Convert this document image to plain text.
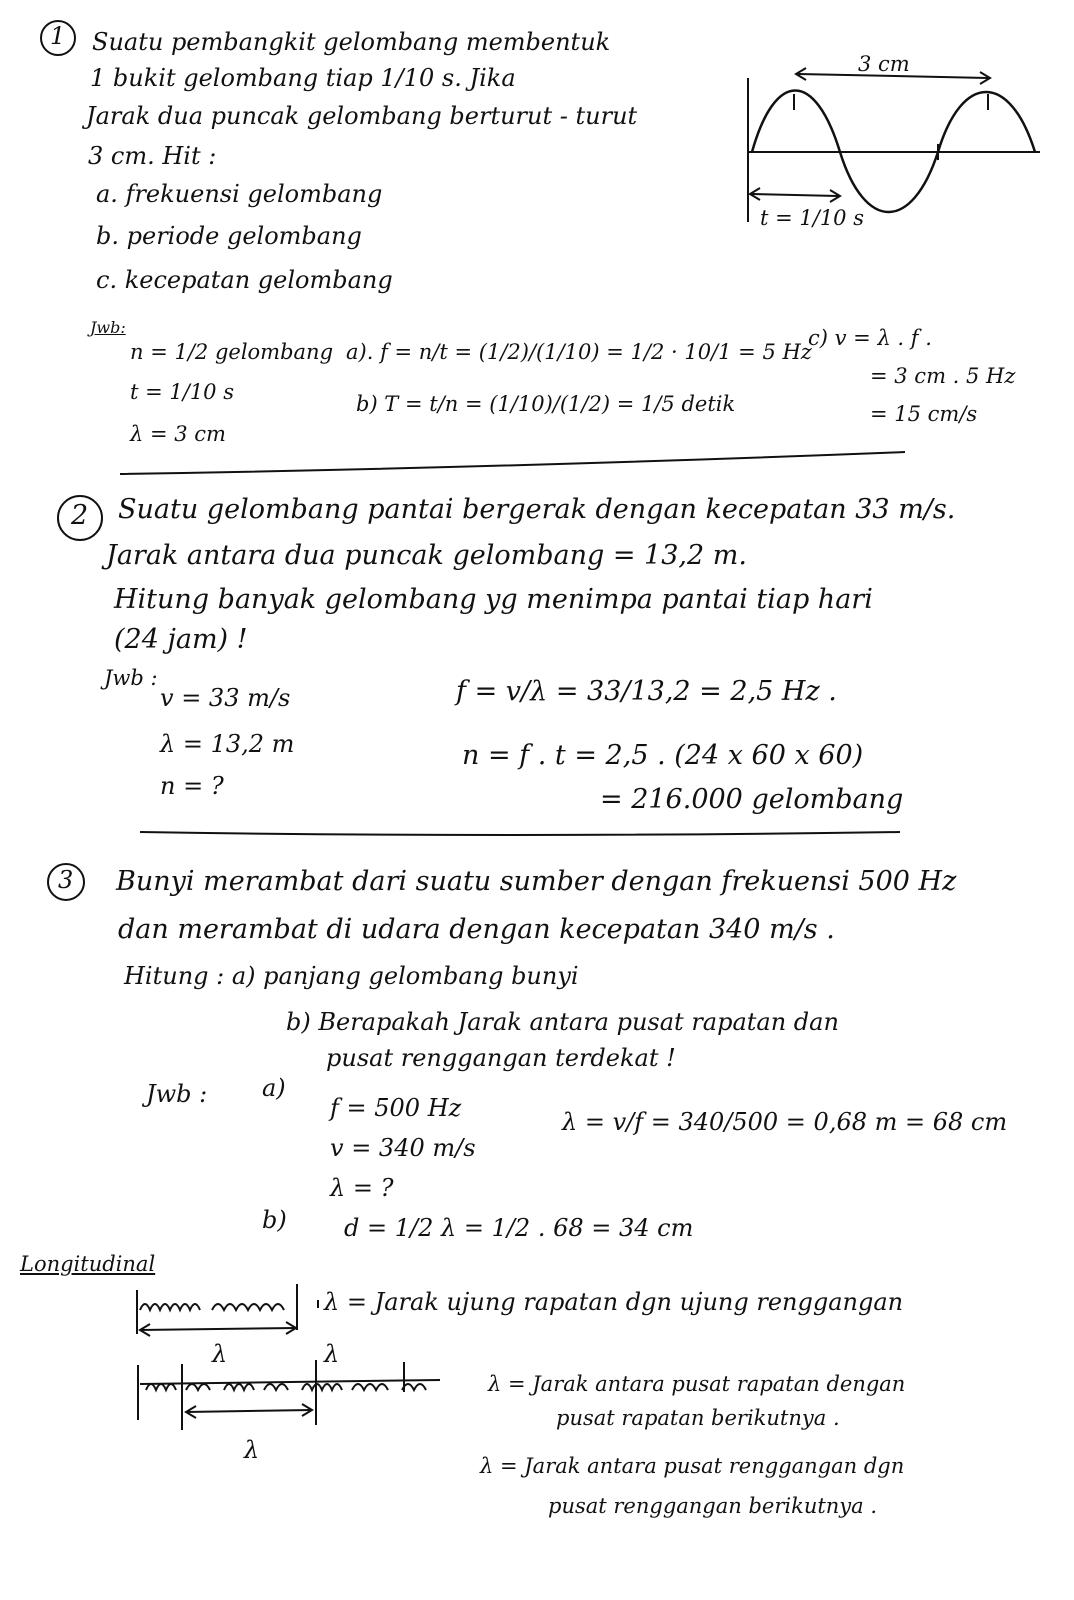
1
2
3
Suatu pembangkit gelombang membentuk
1 bukit gelombang tiap 1/10 s. Jika
Jarak dua puncak gelombang berturut - turut
3 cm. Hit :
a. frekuensi gelombang
b. periode gelombang
c. kecepatan gelombang
3 cm
t = 1/10 s
Jwb:
n = 1/2 gelombang
t = 1/10 s
λ = 3 cm
a). f = n/t = (1/2)/(1/10) = 1/2 · 10/1 = 5 Hz
b) T = t/n = (1/10)/(1/2) = 1/5 detik
c) v = λ . f .
= 3 cm . 5 Hz
= 15 cm/s
Suatu gelombang pantai bergerak dengan kecepatan 33 m/s.
Jarak antara dua puncak gelombang = 13,2 m.
Hitung banyak gelombang yg menimpa pantai tiap hari
(24 jam) !
Jwb :
v = 33 m/s
λ = 13,2 m
n = ?
f = v/λ = 33/13,2 = 2,5 Hz .
n = f . t = 2,5 . (24 x 60 x 60)
= 216.000 gelombang
Bunyi merambat dari suatu sumber dengan frekuensi 500 Hz
dan merambat di udara dengan kecepatan 340 m/s .
Hitung : a) panjang gelombang bunyi
b) Berapakah Jarak antara pusat rapatan dan
pusat renggangan terdekat !
Jwb : a)
f = 500 Hz
v = 340 m/s
λ = ?
λ = v/f = 340/500 = 0,68 m = 68 cm
b) d = 1/2 λ = 1/2 . 68 = 34 cm
Longitudinal
λ = Jarak ujung rapatan dgn ujung renggangan
λ	λ
λ
λ = Jarak antara pusat rapatan dengan
pusat rapatan berikutnya .
λ = Jarak antara pusat renggangan dgn
pusat renggangan berikutnya .
